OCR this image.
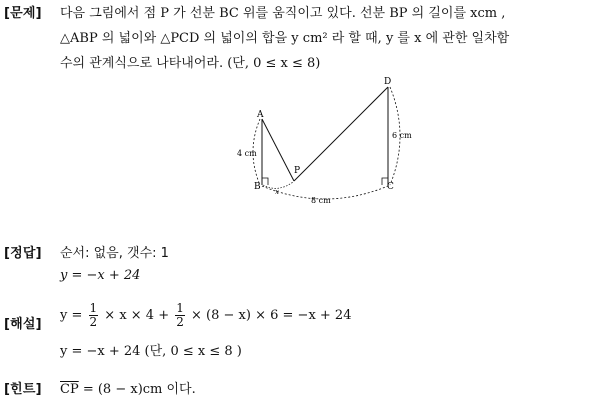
[문제] 다음 그림에서 점 P 가 선분 BC 위를 움직이고 있다. 선분 BP 의 길이를 xcm ,
△ABP 의 넓이와 △PCD 의 넓이의 합을 y cm² 라 할 때, y 를 x 에 관한 일차함
수의 관계식으로 나타내어라. (단, 0 ≤ x ≤ 8)
A
B	C
D
P
4 cm
8 cm
6 cm
x
[정답] 순서: 없음, 갯수: 1
y = −x + 24
[해설]
$y = \frac{1}{2} \times x \times 4 + \frac{1}{2} \times (8 - x) \times 6 = -x + 24$
y = −x + 24 (단, 0 ≤ x ≤ 8 )
[힌트] $\overline{CP} = (8 - x)cm$ 이다.
